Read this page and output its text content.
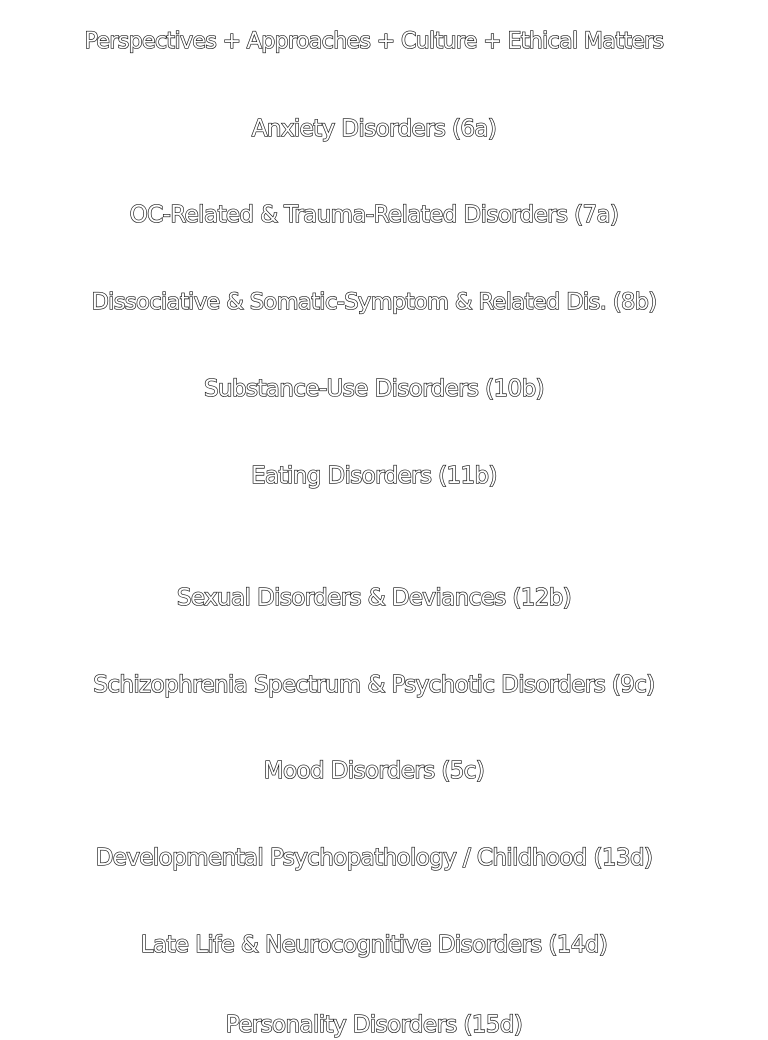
Perspectives + Approaches + Culture + Ethical Matters
Anxiety Disorders (6a)
OC-Related & Trauma-Related Disorders (7a)
Dissociative & Somatic-Symptom & Related Dis. (8b)
Substance-Use Disorders (10b)
Eating Disorders (11b)
Sexual Disorders & Deviances (12b)
Schizophrenia Spectrum & Psychotic Disorders (9c)
Mood Disorders (5c)
Developmental Psychopathology / Childhood (13d)
Late Life & Neurocognitive Disorders (14d)
Personality Disorders (15d)
